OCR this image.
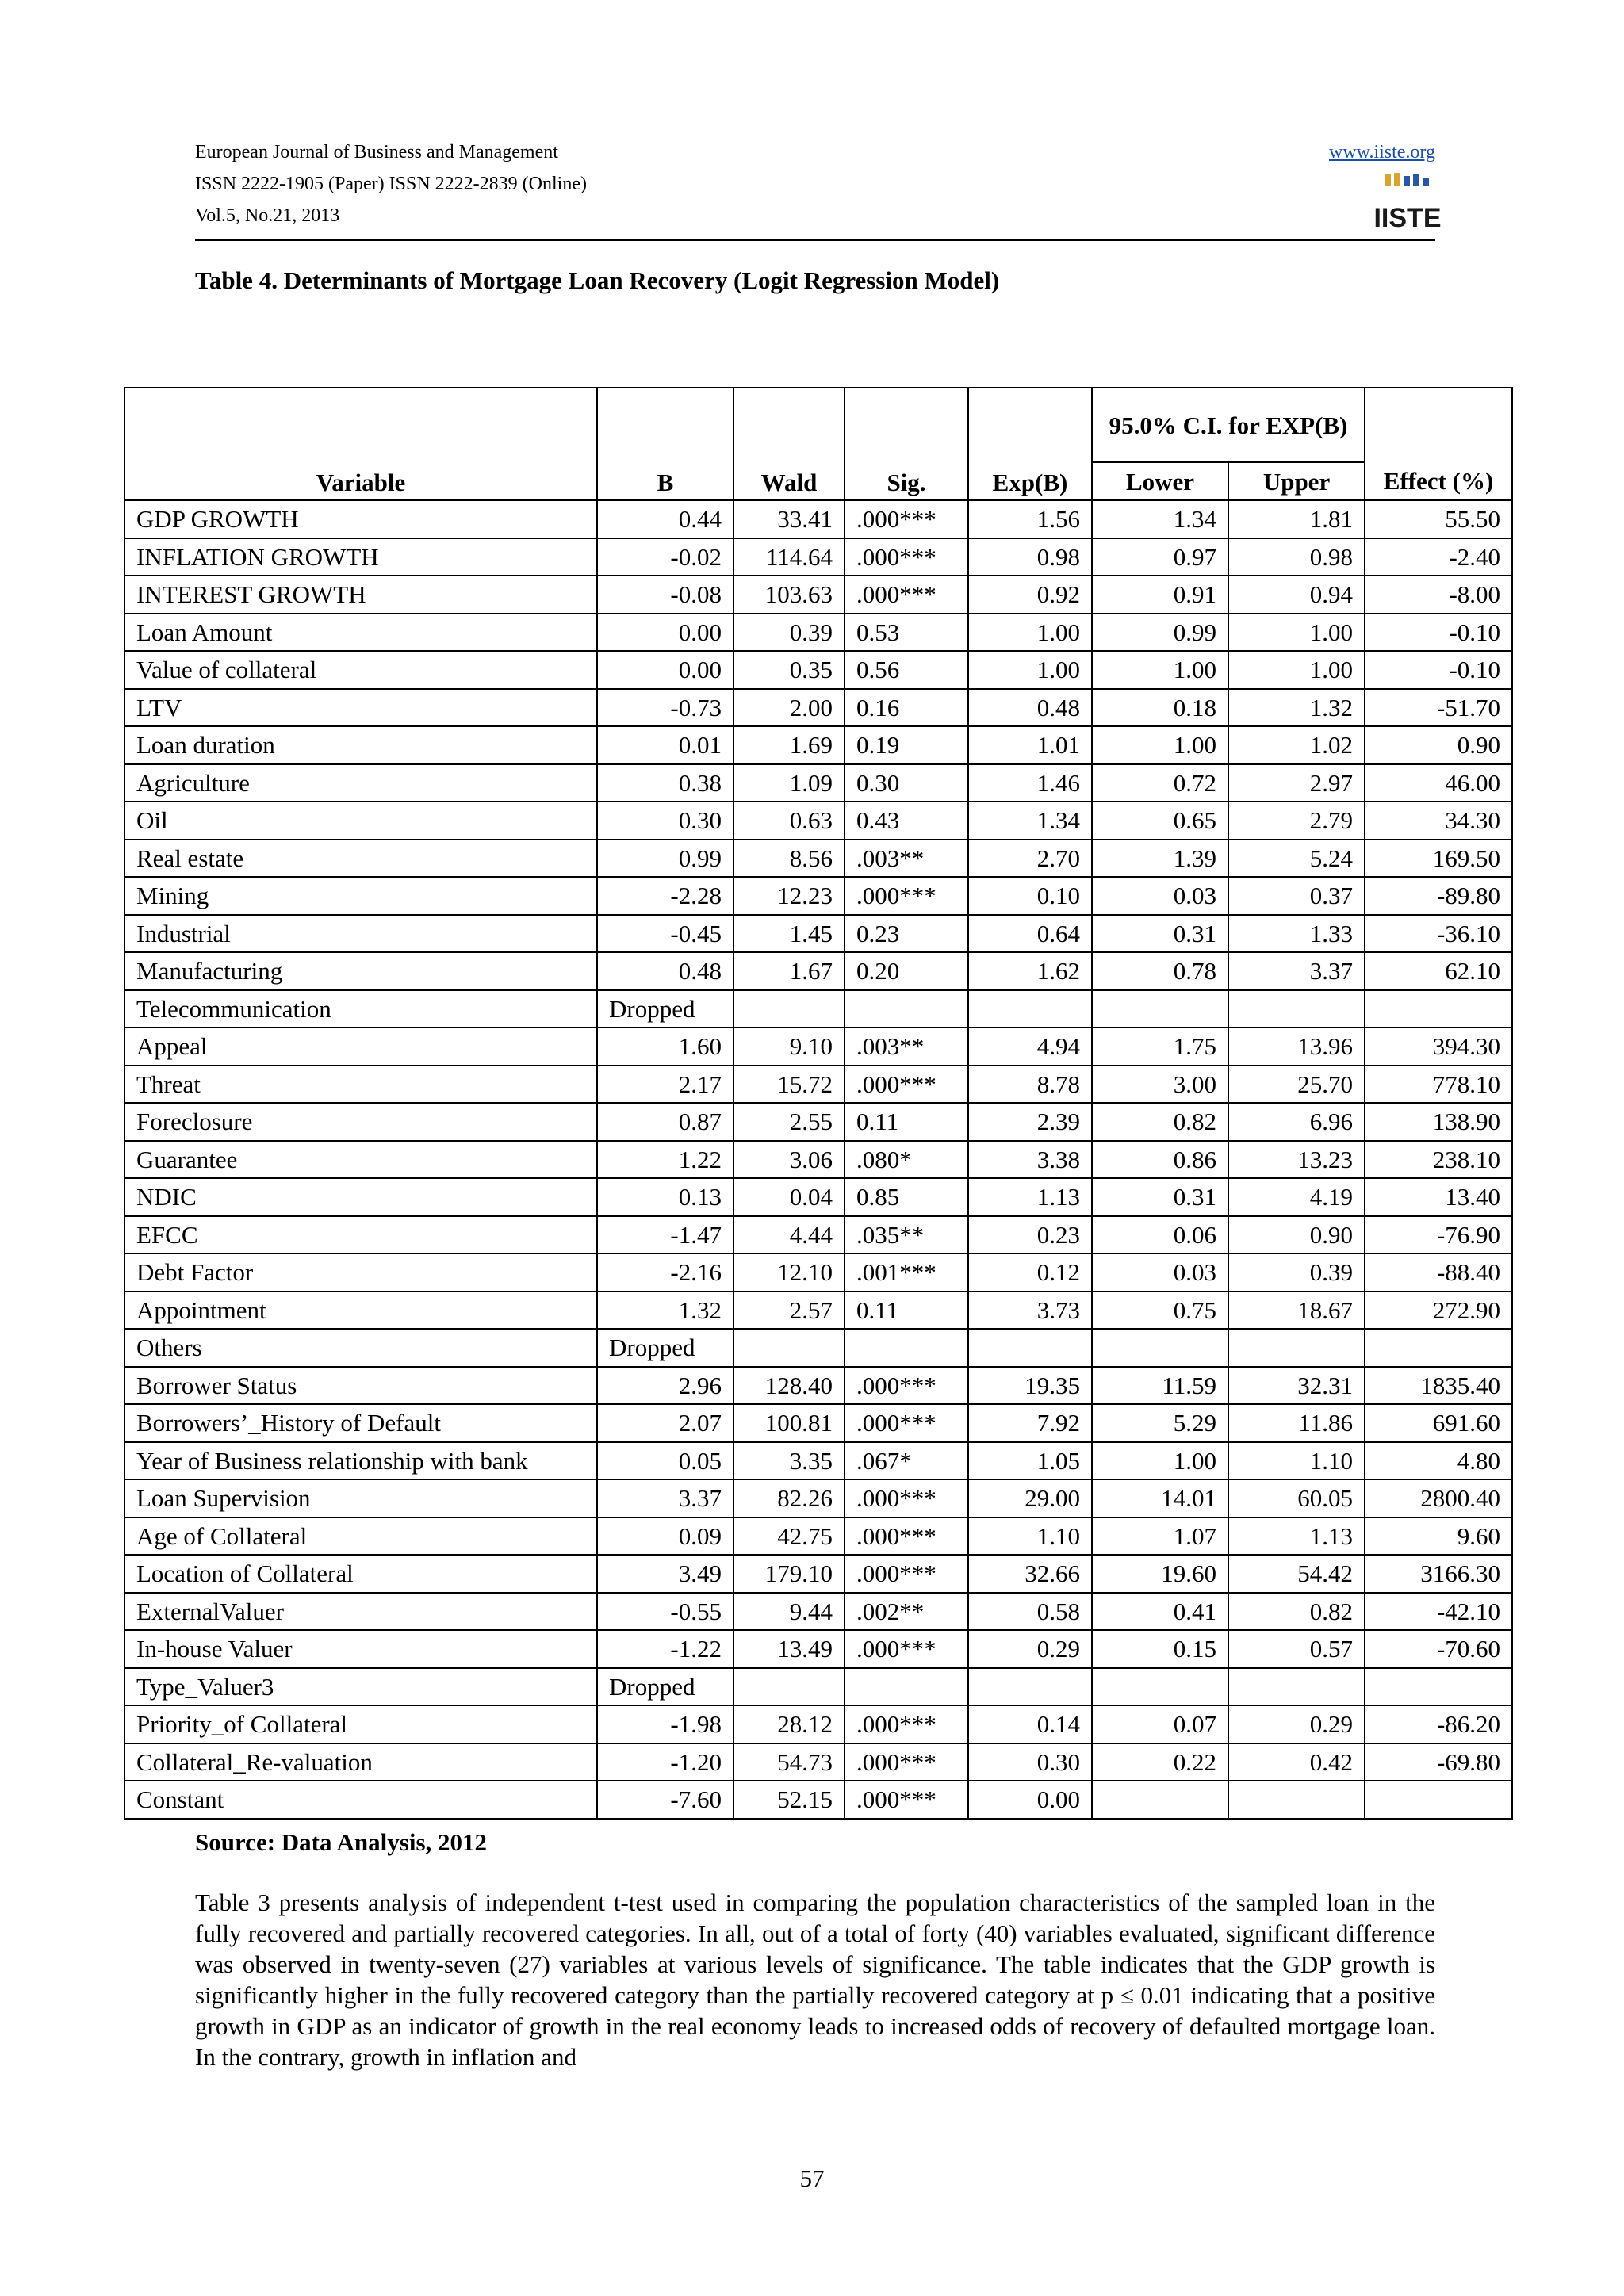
European Journal of Business and Management
ISSN 2222-1905 (Paper) ISSN 2222-2839 (Online)
Vol.5, No.21, 2013
www.iiste.org
IISTE
Table 4. Determinants of Mortgage Loan Recovery (Logit Regression Model)
Variable	B	Wald	Sig.	Exp(B)	95.0% C.I. for EXP(B)		Effect (%)
					Lower	Upper	
GDP GROWTH	0.44	33.41	.000***	1.56	1.34	1.81	55.50
INFLATION GROWTH	-0.02	114.64	.000***	0.98	0.97	0.98	-2.40
INTEREST GROWTH	-0.08	103.63	.000***	0.92	0.91	0.94	-8.00
Loan Amount	0.00	0.39	0.53	1.00	0.99	1.00	-0.10
Value of collateral	0.00	0.35	0.56	1.00	1.00	1.00	-0.10
LTV	-0.73	2.00	0.16	0.48	0.18	1.32	-51.70
Loan duration	0.01	1.69	0.19	1.01	1.00	1.02	0.90
Agriculture	0.38	1.09	0.30	1.46	0.72	2.97	46.00
Oil	0.30	0.63	0.43	1.34	0.65	2.79	34.30
Real estate	0.99	8.56	.003**	2.70	1.39	5.24	169.50
Mining	-2.28	12.23	.000***	0.10	0.03	0.37	-89.80
Industrial	-0.45	1.45	0.23	0.64	0.31	1.33	-36.10
Manufacturing	0.48	1.67	0.20	1.62	0.78	3.37	62.10
Telecommunication	Dropped						
Appeal	1.60	9.10	.003**	4.94	1.75	13.96	394.30
Threat	2.17	15.72	.000***	8.78	3.00	25.70	778.10
Foreclosure	0.87	2.55	0.11	2.39	0.82	6.96	138.90
Guarantee	1.22	3.06	.080*	3.38	0.86	13.23	238.10
NDIC	0.13	0.04	0.85	1.13	0.31	4.19	13.40
EFCC	-1.47	4.44	.035**	0.23	0.06	0.90	-76.90
Debt Factor	-2.16	12.10	.001***	0.12	0.03	0.39	-88.40
Appointment	1.32	2.57	0.11	3.73	0.75	18.67	272.90
Others	Dropped						
Borrower Status	2.96	128.40	.000***	19.35	11.59	32.31	1835.40
Borrowers’_History of Default	2.07	100.81	.000***	7.92	5.29	11.86	691.60
Year of Business relationship with bank	0.05	3.35	.067*	1.05	1.00	1.10	4.80
Loan Supervision	3.37	82.26	.000***	29.00	14.01	60.05	2800.40
Age of Collateral	0.09	42.75	.000***	1.10	1.07	1.13	9.60
Location of Collateral	3.49	179.10	.000***	32.66	19.60	54.42	3166.30
ExternalValuer	-0.55	9.44	.002**	0.58	0.41	0.82	-42.10
In-house Valuer	-1.22	13.49	.000***	0.29	0.15	0.57	-70.60
Type_Valuer3	Dropped						
Priority_of Collateral	-1.98	28.12	.000***	0.14	0.07	0.29	-86.20
Collateral_Re-valuation	-1.20	54.73	.000***	0.30	0.22	0.42	-69.80
Constant	-7.60	52.15	.000***	0.00			
Source: Data Analysis, 2012
Table 3 presents analysis of independent t-test used in comparing the population characteristics of the sampled loan in the fully recovered and partially recovered categories. In all, out of a total of forty (40) variables evaluated, significant difference was observed in twenty-seven (27) variables at various levels of significance. The table indicates that the GDP growth is significantly higher in the fully recovered category than the partially recovered category at p ≤ 0.01 indicating that a positive growth in GDP as an indicator of growth in the real economy leads to increased odds of recovery of defaulted mortgage loan. In the contrary, growth in inflation and
57
